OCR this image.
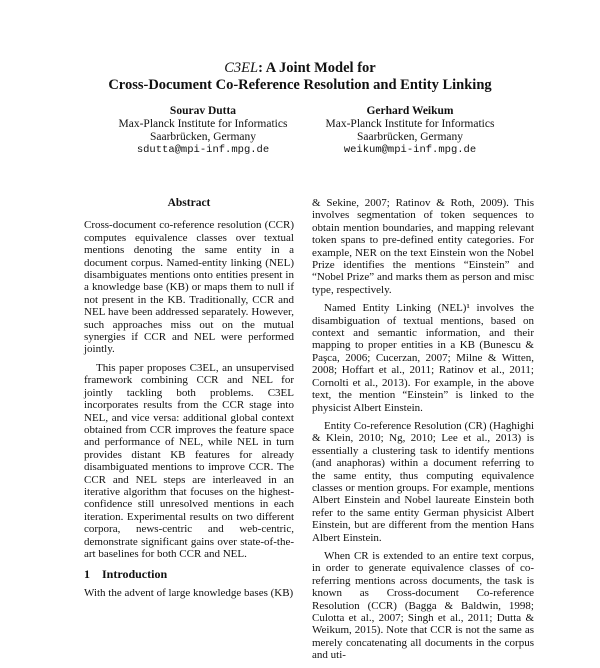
C3EL: A Joint Model for
Cross-Document Co-Reference Resolution and Entity Linking
Sourav Dutta
Max-Planck Institute for Informatics
Saarbrücken, Germany
sdutta@mpi-inf.mpg.de
Gerhard Weikum
Max-Planck Institute for Informatics
Saarbrücken, Germany
weikum@mpi-inf.mpg.de
Abstract

Cross-document co-reference resolution (CCR) computes equivalence classes over textual mentions denoting the same entity in a document corpus. Named-entity linking (NEL) disambiguates mentions onto entities present in a knowledge base (KB) or maps them to null if not present in the KB. Traditionally, CCR and NEL have been addressed separately. However, such approaches miss out on the mutual synergies if CCR and NEL were performed jointly.

This paper proposes C3EL, an unsupervised framework combining CCR and NEL for jointly tackling both problems. C3EL incorporates results from the CCR stage into NEL, and vice versa: additional global context obtained from CCR improves the feature space and performance of NEL, while NEL in turn provides distant KB features for already disambiguated mentions to improve CCR. The CCR and NEL steps are interleaved in an iterative algorithm that focuses on the highest-confidence still unresolved mentions in each iteration. Experimental results on two different corpora, news-centric and web-centric, demonstrate significant gains over state-of-the-art baselines for both CCR and NEL.

1 Introduction

With the advent of large knowledge bases (KB)

& Sekine, 2007; Ratinov & Roth, 2009). This involves segmentation of token sequences to obtain mention boundaries, and mapping relevant token spans to pre-defined entity categories. For example, NER on the text Einstein won the Nobel Prize identifies the mentions “Einstein” and “Nobel Prize” and marks them as person and misc type, respectively.

Named Entity Linking (NEL)¹ involves the disambiguation of textual mentions, based on context and semantic information, and their mapping to proper entities in a KB (Bunescu & Paşca, 2006; Cucerzan, 2007; Milne & Witten, 2008; Hoffart et al., 2011; Ratinov et al., 2011; Cornolti et al., 2013). For example, in the above text, the mention “Einstein” is linked to the physicist Albert Einstein.

Entity Co-reference Resolution (CR) (Haghighi & Klein, 2010; Ng, 2010; Lee et al., 2013) is essentially a clustering task to identify mentions (and anaphoras) within a document referring to the same entity, thus computing equivalence classes or mention groups. For example, mentions Albert Einstein and Nobel laureate Einstein both refer to the same entity German physicist Albert Einstein, but are different from the mention Hans Albert Einstein.

When CR is extended to an entire text corpus, in order to generate equivalence classes of co-referring mentions across documents, the task is known as Cross-document Co-reference Resolution (CCR) (Bagga & Baldwin, 1998; Culotta et al., 2007; Singh et al., 2011; Dutta & Weikum, 2015). Note that CCR is not the same as merely concatenating all documents in the corpus and uti-
